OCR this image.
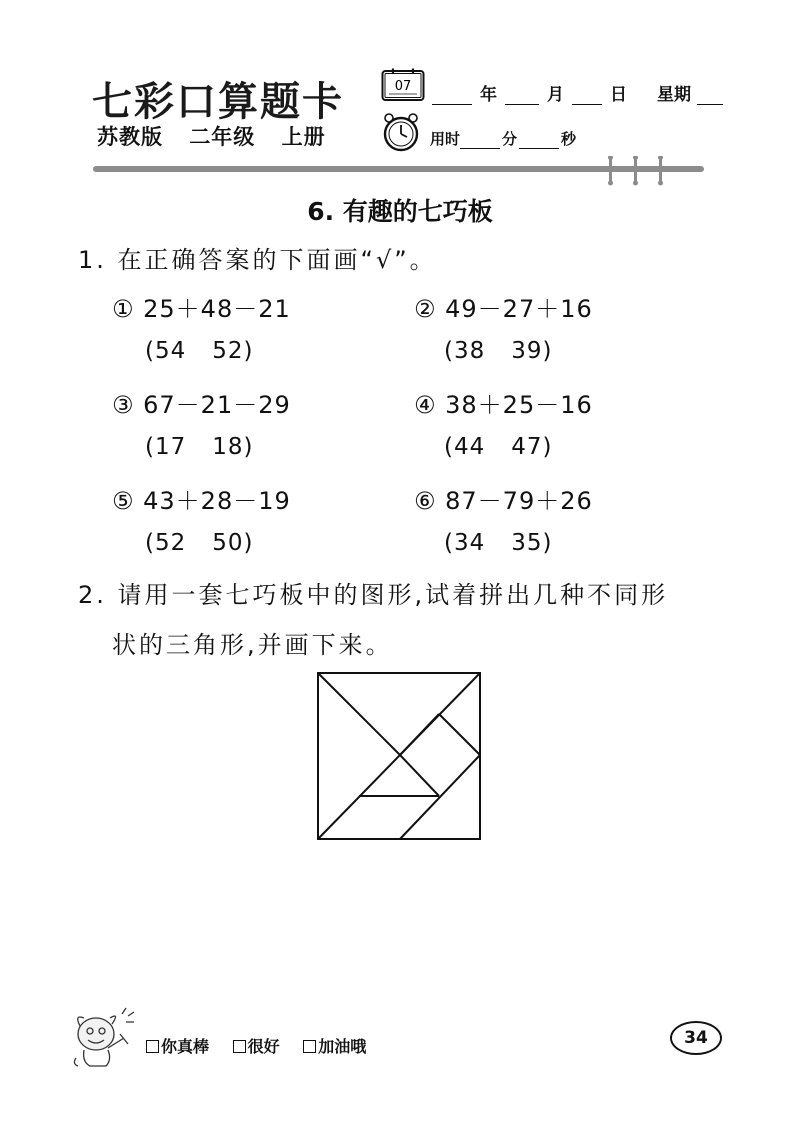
七彩口算题卡
苏教版 二年级 上册
07	年	月	日 星期
用时	分	秒
6. 有趣的七巧板
1. 在正确答案的下面画“√”。
① 25＋48－21
(54 52)
② 49－27＋16
(38 39)
③ 67－21－29
(17 18)
④ 38＋25－16
(44 47)
⑤ 43＋28－19
(52 50)
⑥ 87－79＋26
(34 35)
2. 请用一套七巧板中的图形,试着拼出几种不同形
状的三角形,并画下来。
你真棒 很好 加油哦	34
